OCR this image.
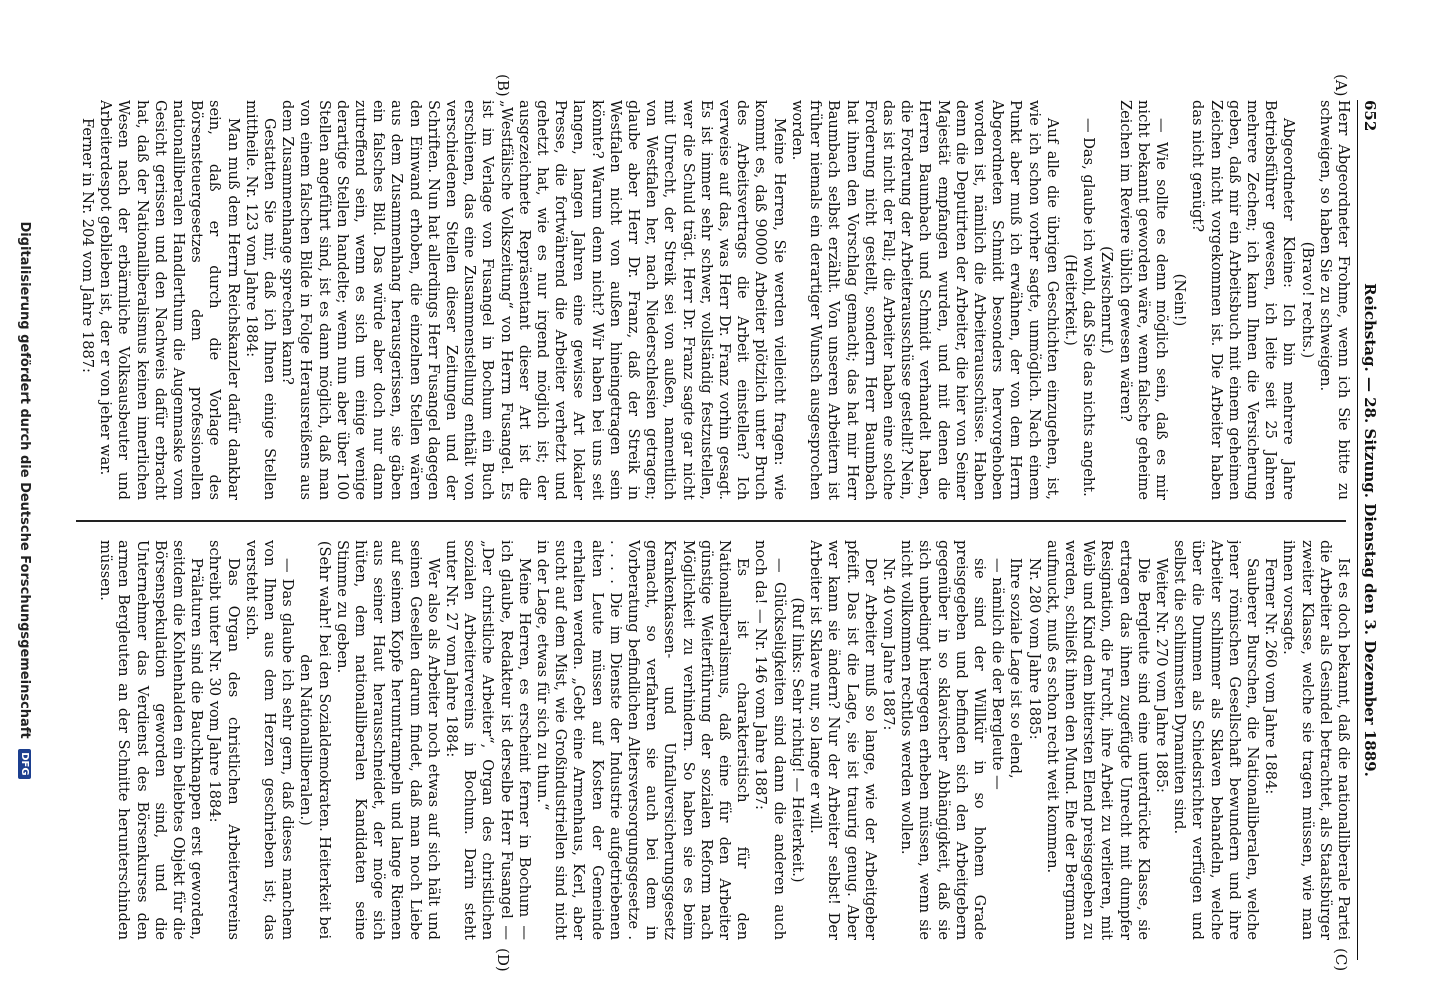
652
Reichstag. — 28. Sitzung. Dienstag den 3. Dezember 1889.
(A)
(B)
(C)
(D)

Herr Abgeordneter Frohme, wenn ich Sie bitte zu schweigen, so haben Sie zu schweigen.

(Bravo! rechts.)

Abgeordneter Kleine: Ich bin mehrere Jahre Betriebsführer gewesen, ich leite seit 25 Jahren mehrere Zechen; ich kann Ihnen die Versicherung geben, daß mir ein Arbeitsbuch mit einem geheimen Zeichen nicht vorgekommen ist. Die Arbeiter haben das nicht genügt?

(Nein!)

— Wie sollte es denn möglich sein, daß es mir nicht bekannt geworden wäre, wenn falsche geheime Zeichen im Reviere üblich gewesen wären?

(Zwischenruf.)

— Das, glaube ich wohl, daß Sie das nichts angeht.

(Heiterkeit.)

Auf alle die übrigen Geschichten einzugehen, ist, wie ich schon vorher sagte, unmöglich. Nach einem Punkt aber muß ich erwähnen, der von dem Herrn Abgeordneten Schmidt besonders hervorgehoben worden ist, nämlich die Arbeiterausschüsse. Haben denn die Deputirten der Arbeiter, die hier von Seiner Majestät empfangen wurden, und mit denen die Herren Baumbach und Schmidt verhandelt haben, die Forderung der Arbeiterausschüsse gestellt? Nein, das ist nicht der Fall; die Arbeiter haben eine solche Forderung nicht gestellt, sondern Herr Baumbach hat ihnen den Vorschlag gemacht; das hat mir Herr Baumbach selbst erzählt. Von unseren Arbeitern ist früher niemals ein derartiger Wunsch ausgesprochen worden.

Meine Herren, Sie werden vielleicht fragen: wie kommt es, daß 90000 Arbeiter plötzlich unter Bruch des Arbeitsvertrags die Arbeit einstellen? Ich verweise auf das, was Herr Dr. Franz vorhin gesagt. Es ist immer sehr schwer, vollständig festzustellen, wer die Schuld trägt. Herr Dr. Franz sagte gar nicht mit Unrecht, der Streik sei von außen, namentlich von Westfalen her, nach Niederschlesien getragen; glaube aber Herr Dr. Franz, daß der Streik in Westfalen nicht von außen hineingetragen sein könnte? Warum denn nicht? Wir haben bei uns seit langen, langen Jahren eine gewisse Art lokaler Presse, die fortwährend die Arbeiter verhetzt und gehetzt hat, wie es nur irgend möglich ist; der ausgezeichnete Repräsentant dieser Art ist die „Westfälische Volkszeitung“ von Herrn Fusangel. Es ist im Verlage von Fusangel in Bochum ein Buch erschienen, das eine Zusammenstellung enthält von verschiedenen Stellen dieser Zeitungen und der Schriften. Nun hat allerdings Herr Fusangel dagegen den Einwand erhoben, die einzelnen Stellen wären aus dem Zusammenhang herausgerissen, sie gäben ein falsches Bild. Das würde aber doch nur dann zutreffend sein, wenn es sich um einige wenige derartige Stellen handelte; wenn nun aber über 100 Stellen angeführt sind, ist es dann möglich, daß man von einem falschen Bilde in Folge Herausreißens aus dem Zusammenhange sprechen kann?

Gestatten Sie mir, daß ich Ihnen einige Stellen mittheile. Nr. 123 vom Jahre 1884:

Man muß dem Herrn Reichskanzler dafür dankbar sein, daß er durch die Vorlage des Börsensteuergesetzes dem professionellen nationalliberalen Handlerthum die Augenmaske vom Gesicht gerissen und den Nachweis dafür erbracht hat, daß der Nationalliberalismus keinen innerlichen Wesen nach der erbärmliche Volksausbeuter und Arbeiterdespot geblieben ist, der er von jeher war.

Ferner in Nr. 204 vom Jahre 1887:

Ist es doch bekannt, daß die nationalliberale Partei die Arbeiter als Gesindel betrachtet, als Staatsbürger zweiter Klasse, welche sie tragen müssen, wie man ihnen vorsagte.

Ferner Nr. 260 vom Jahre 1884:

Sauberer Burschen, die Nationalliberalen, welche jener römischen Gesellschaft bewundern und ihre Arbeiter schlimmer als Sklaven behandeln, welche über die Dummen als Schiedsrichter verfügen und selbst die schlimmsten Dynamiten sind.

Weiter Nr. 270 vom Jahre 1885:

Die Bergleute sind eine unterdrückte Klasse, sie ertragen das ihnen zugefügte Unrecht mit dumpfer Resignation, die Furcht, ihre Arbeit zu verlieren, mit Weib und Kind dem bittersten Elend preisgegeben zu werden, schließt ihnen den Mund. Ehe der Bergmann aufmuckt, muß es schon recht weit kommen.

Nr. 280 vom Jahre 1885:

Ihre soziale Lage ist so elend,

— nämlich die der Bergleute —

sie sind der Willkür in so hohem Grade preisgegeben und befinden sich den Arbeitgebern gegenüber in so sklavischer Abhängigkeit, daß sie sich unbedingt hiergegen erheben müssen, wenn sie nicht vollkommen rechtlos werden wollen.

Nr. 40 vom Jahre 1887:

Der Arbeiter muß so lange, wie der Arbeitgeber pfeift. Das ist die Lage, sie ist traurig genug. Aber wer kann sie ändern? Nur der Arbeiter selbst! Der Arbeiter ist Sklave nur, so lange er will.

(Ruf links: Sehr richtig! — Heiterkeit.)

— Glückseligkeiten sind dann die anderen auch noch da! — Nr. 146 vom Jahre 1887:

Es ist charakteristisch für den Nationalliberalismus, daß eine für den Arbeiter günstige Weiterführung der sozialen Reform nach Möglichkeit zu verhindern. So haben sie es beim Krankenkassen- und Unfallversicherungsgesetz gemacht, so verfahren sie auch bei dem in Vorberatung befindlichen Altersversorgungsgesetze . . . . . Die im Dienste der Industrie aufgetriebenen alten Leute müssen auf Kosten der Gemeinde erhalten werden. „Gebt eine Armenhaus, Kerl, aber sucht auf dem Mist, wie Großindustriellen sind nicht in der Lage, etwas für sich zu thun.“

Meine Herren, es erscheint ferner in Bochum — ich glaube, Redakteur ist derselbe Herr Fusangel — „Der christliche Arbeiter“, Organ des christlichen sozialen Arbeitervereins in Bochum. Darin steht unter Nr. 27 vom Jahre 1884:

Wer also als Arbeiter noch etwas auf sich hält und seinen Gesellen darum findet, daß man noch Liebe auf seinem Kopfe herumtrampeln und lange Riemen aus seiner Haut herausschneidet, der möge sich hüten, dem nationalliberalen Kandidaten seine Stimme zu geben.

(Sehr wahr! bei den Sozialdemokraten. Heiterkeit bei den Nationalliberalen.)

— Das glaube ich sehr gern, daß dieses manchem von Ihnen aus dem Herzen geschrieben ist; das versteht sich.

Das Organ des christlichen Arbeitervereins schreibt unter Nr. 30 vom Jahre 1884:

Prälaturen sind die Bauchknappen erst geworden, seitdem die Kohlenhalden ein beliebtes Objekt für die Börsenspekulation geworden sind, und die Unternehmer das Verdienst des Börsenkurses den armen Bergleuten an der Schnitte herunterschinden müssen.

Digitalisierung gefördert durch die Deutsche Forschungsgemeinschaft DFG
